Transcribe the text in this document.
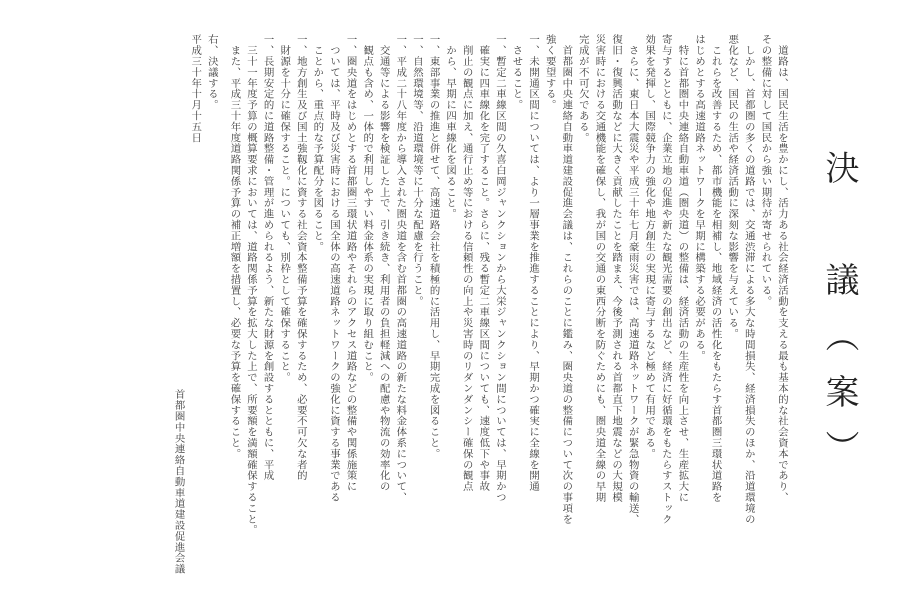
決　議（案）

　道路は、国民生活を豊かにし、活力ある社会経済活動を支える最も基本的な社会資本であり、

その整備に対して国民から強い期待が寄せられている。

　しかし、首都圏の多くの道路では、交通渋滞による多大な時間損失、経済損失のほか、沿道環境の

悪化など、国民の生活や経済活動に深刻な影響を与えている。

　これらを改善するため、都市機能を相補し、地域経済の活性化をもたらす首都圏三環状道路を

はじめとする高速道路ネットワークを早期に構築する必要がある。

　特に首都圏中央連絡自動車道（圏央道）の整備は、経済活動の生産性を向上させ、生産拡大に

寄与するとともに、企業立地の促進や新たな観光需要の創出など、経済に好循環をもたらすストック

効果を発揮し、国際競争力の強化や地方創生の実現に寄与するなど極めて有用である。

　さらに、東日本大震災や平成三十年七月豪雨災害では、高速道路ネットワークが緊急物資の輸送、

復旧・復興活動などに大きく貢献したことを踏まえ、今後予測される首都直下地震などの大規模

災害時における交通機能を確保し、我が国の交通の東西分断を防ぐためにも、圏央道全線の早期

完成が不可欠である。

　首都圏中央連絡自動車道建設促進会議は、これらのことに鑑み、圏央道の整備について次の事項を

強く要望する。

一、未開通区間については、より一層事業を推進することにより、早期かつ確実に全線を開通

　させること。

一、暫定二車線区間の久喜白岡ジャンクションから大栄ジャンクション間については、早期かつ

　確実に四車線化を完了すること。さらに、残る暫定二車線区間についても、速度低下や事故

　削止の観点に加え、通行止め等における信頼性の向上や災害時のリダンダンシー確保の観点

　から、早期に四車線化を図ること。

一、東部事業の推進と併せて、高速道路会社を積極的に活用し、早期完成を図ること。

一、自然環境等、沿道環境等に十分な配慮を行うこと。

一、平成二十八年度から導入された圏央道を含む首都圏の高速道路の新たな料金体系について、

　交通等による影響を検証した上で、引き続き、利用者の負担軽減への配慮や物流の効率化の

　観点も含め、一体的で利用しやすい料金体系の実現に取り組むこと。

一、圏央道をはじめとする首都圏三環状道路やそれらのアクセス道路などの整備や関係施策に

　ついては、平時及び災害時における国全体の高速道路ネットワークの強化に資する事業である

　ことから、重点的な予算配分を図ること。

一、地方創生及び国土強靱化に資する社会資本整備予算を確保するため、必要不可欠な者的

　財源を十分に確保すること。についても、別枠として確保すること。

一、長期安定的に道路整備・管理が進められるよう、新たな財源を創設するとともに、平成

　三十一年度予算の概算要求においては、道路関係予算を拡大した上で、所要額を満額確保すること。

　また、平成三十年度道路関係予算の補正増額を措置し、必要な予算を確保すること。

右、決議する。

平成三十年十月十五日

首都圏中央連絡自動車道建設促進会議
